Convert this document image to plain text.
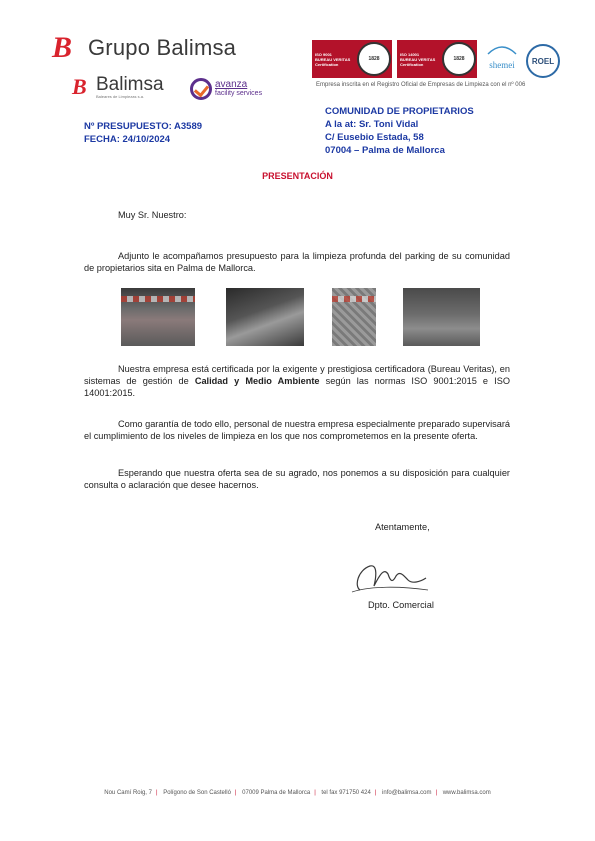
B Grupo Balimsa
B Balimsa
Baleares de Limpiezas s.a.
avanza
facility services
ISO 9001
BUREAU VERITAS
Certification
1828
ISO 14001
BUREAU VERITAS
Certification
1828
shemei	ROEL
Empresa inscrita en el Registro Oficial de Empresas de Limpieza con el nº 006
Nº PRESUPUESTO: A3589
FECHA: 24/10/2024
COMUNIDAD DE PROPIETARIOS
A la at: Sr. Toni Vidal
C/ Eusebio Estada, 58
07004 – Palma de Mallorca
PRESENTACIÓN
Muy Sr. Nuestro:
Adjunto le acompañamos presupuesto para la limpieza profunda del parking de su comunidad de propietarios sita en Palma de Mallorca.
Nuestra empresa está certificada por la exigente y prestigiosa certificadora (Bureau Veritas), en sistemas de gestión de Calidad y Medio Ambiente según las normas ISO 9001:2015 e ISO 14001:2015.
Como garantía de todo ello, personal de nuestra empresa especialmente preparado supervisará el cumplimiento de los niveles de limpieza en los que nos comprometemos en la presente oferta.
Esperando que nuestra oferta sea de su agrado, nos ponemos a su disposición para cualquier consulta o aclaración que desee hacernos.
Atentamente,
Dpto. Comercial
Nou Camí Roig, 7 | Polígono de Son Castelló | 07009 Palma de Mallorca | tel fax 971750 424 | info@balimsa.com | www.balimsa.com
